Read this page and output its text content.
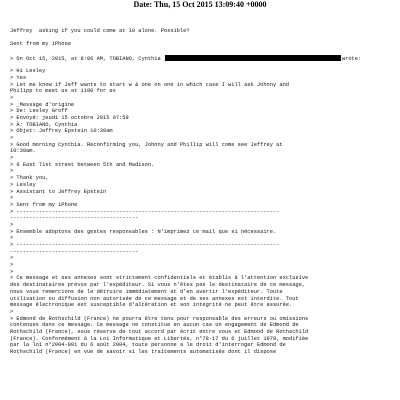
Date: Thu, 15 Oct 2015 13:09:40 +0000
Jeffrey  asking if you could come at 10 alone. Possible?
Sent from my iPhone
> On Oct 15, 2015, at 8:06 AM, TOBIANO, Cynthia	wrote:
> Hi Lesley
> Yes
> Let me know if Jeff wants to start w & one on one in which case I will ask Johnny and
Philipp to meet us at 1100 for ex
>
> _Message d'origine
> De: Lesley Groff
> Envoyé: jeudi 15 octobre 2015 07:59
> À: TOBIANO, Cynthia
> Objet: Jeffrey Epstein 10:30am
>
> Good morning Cynthia. Reconfirming you, Johnny and Phillip will come see Jeffrey at
10:30am.
>
> 9 East 71st street between 5th and Madison.
>
> Thank you,
> Lesley
> Assistant to Jeffrey Epstein
>
> Sent from my iPhone
> ----------------------------------------------------------------------------------
----------------------------------------
>
> Ensemble adoptons des gestes responsables : N'imprimez ce mail que si nécessaire.
>
> ----------------------------------------------------------------------------------
----------------------------------------
>
>
>
> Ce message et ses annexes sont strictement confidentiels et établis à l'attention exclusive
des destinataires prévus par l'expéditeur. Si vous n'êtes pas le destinataire de ce message,
nous vous remercions de le détruire immédiatement et d'en avertir l'expéditeur. Toute
utilisation ou diffusion non autorisée de ce message et de ses annexes est interdite. Tout
message électronique est susceptible d'altération et son intégrité ne peut être assurée.
>
> Edmond de Rothschild (France) ne pourra être tenu pour responsable des erreurs ou omissions
contenues dans ce message. Ce message ne constitue en aucun cas un engagement de Edmond de
Rothschild (France), sous réserve de tout accord par écrit entre vous et Edmond de Rothschild
(France). Conformément à la Loi Informatique et Libertés, n°78-17 du 6 juillet 1978, modifiée
par la loi n°2004-801 du 6 août 2004, toute personne a le droit d'interroger Edmond de
Rothschild (France) en vue de savoir si les traitements automatisés dont il dispose
